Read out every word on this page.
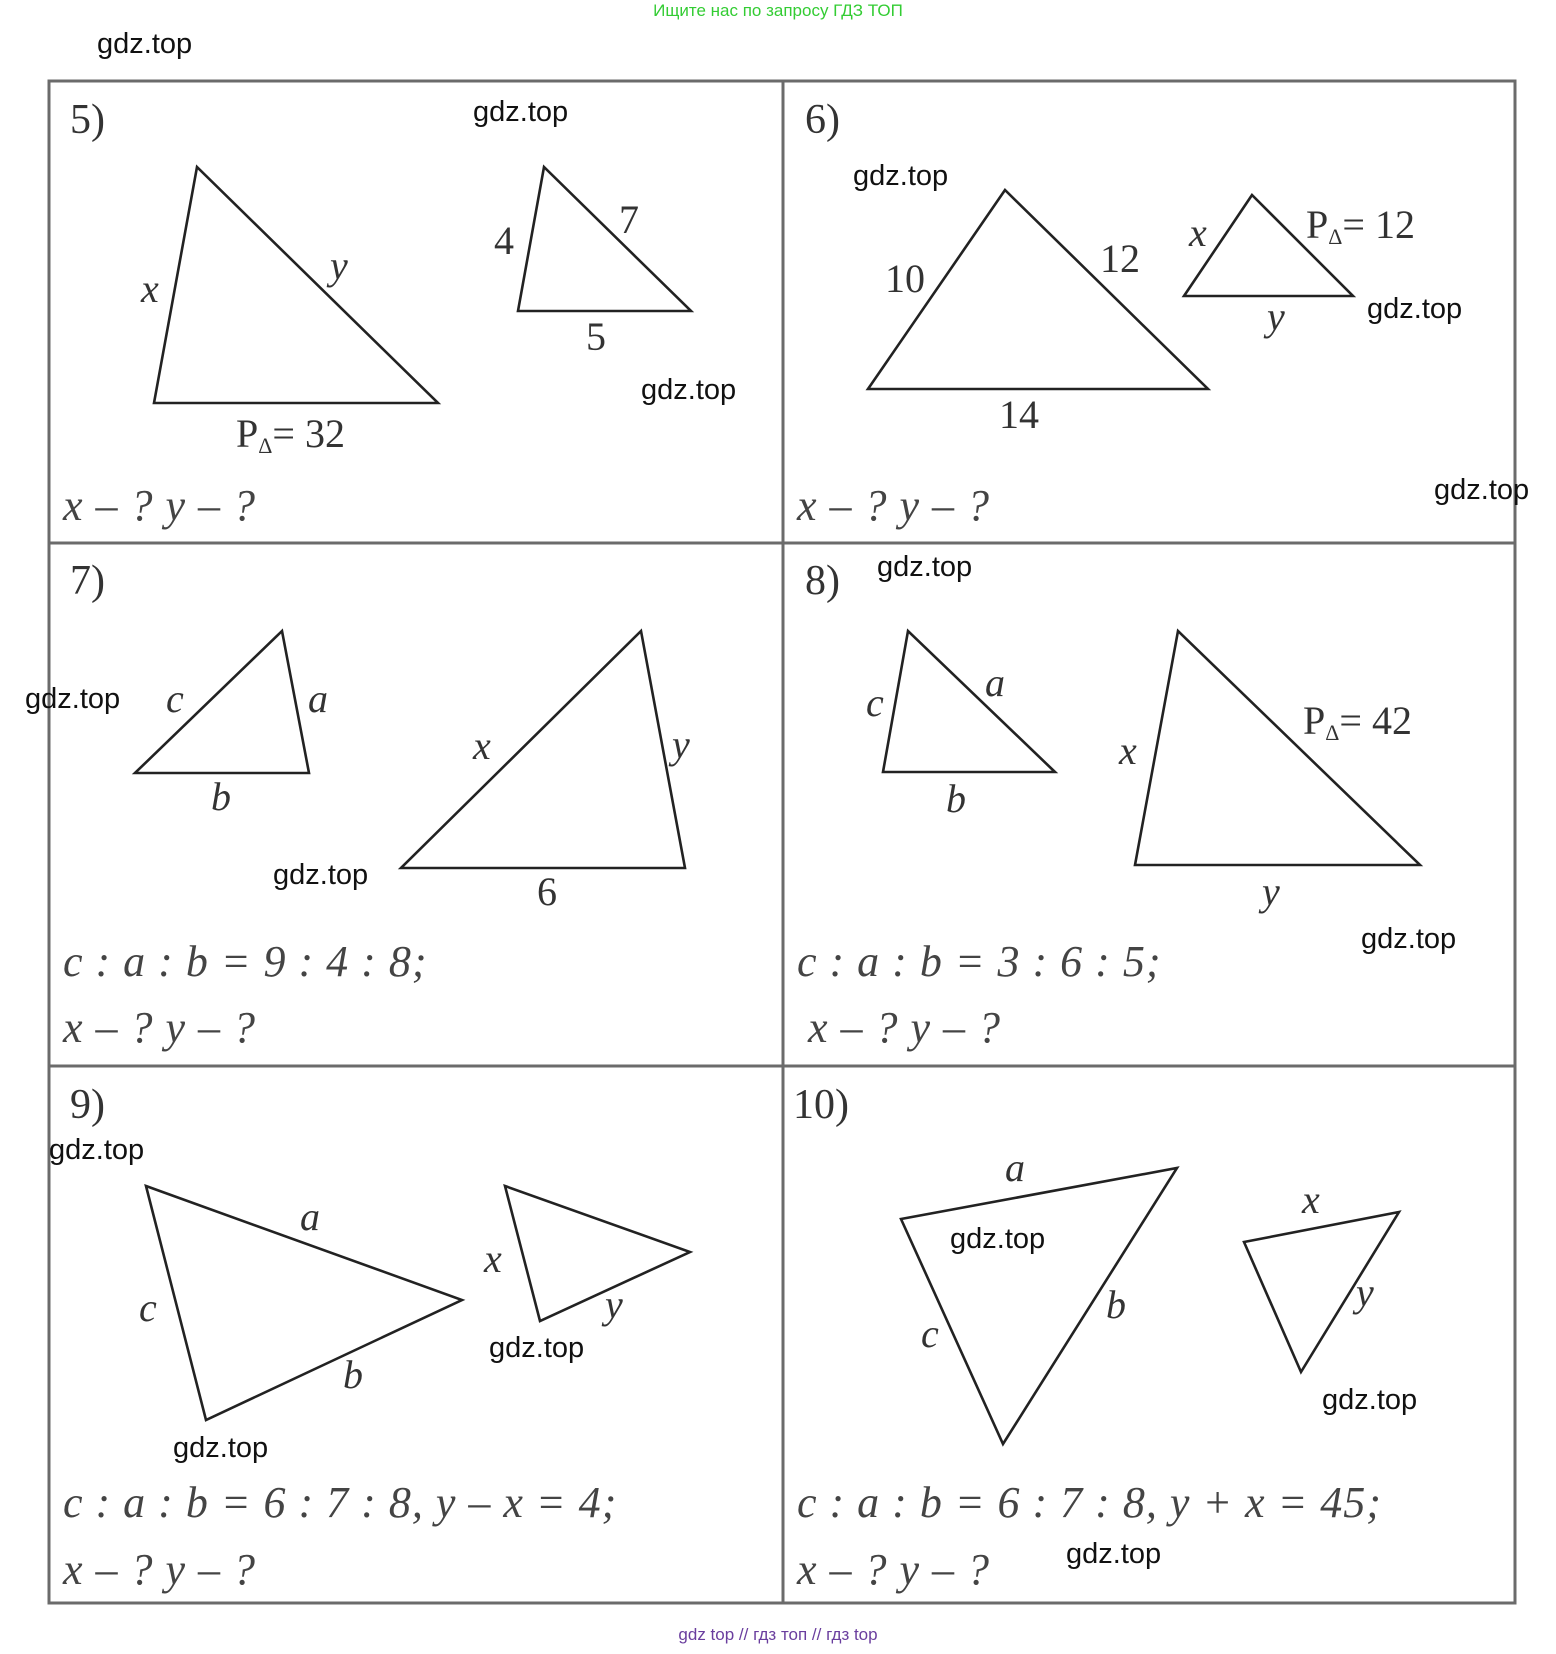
Ищите нас по запросу ГДЗ ТОП
5)
x
y
PΔ= 32
4	7
5
x – ? y – ?
6)
10	12
14
x
y
PΔ= 12
x – ? y – ?
7)
c	a
b
x	y
6
c : a : b = 9 : 4 : 8;
x – ? y – ?
8)
c	a
b
x
y
PΔ= 42
c : a : b = 3 : 6 : 5;
x – ? y – ?
9)
a
c
b
x
y
c : a : b = 6 : 7 : 8, y – x = 4;
x – ? y – ?
10)
a
b
c
x
y
c : a : b = 6 : 7 : 8, y + x = 45;
x – ? y – ?
gdz.top
gdz.top
gdz.top
gdz.top
gdz.top
gdz.top
gdz.top
gdz.top
gdz.top
gdz.top
gdz.top
gdz.top
gdz.top
gdz.top
gdz.top
gdz.top
gdz top // гдз топ // гдз top
